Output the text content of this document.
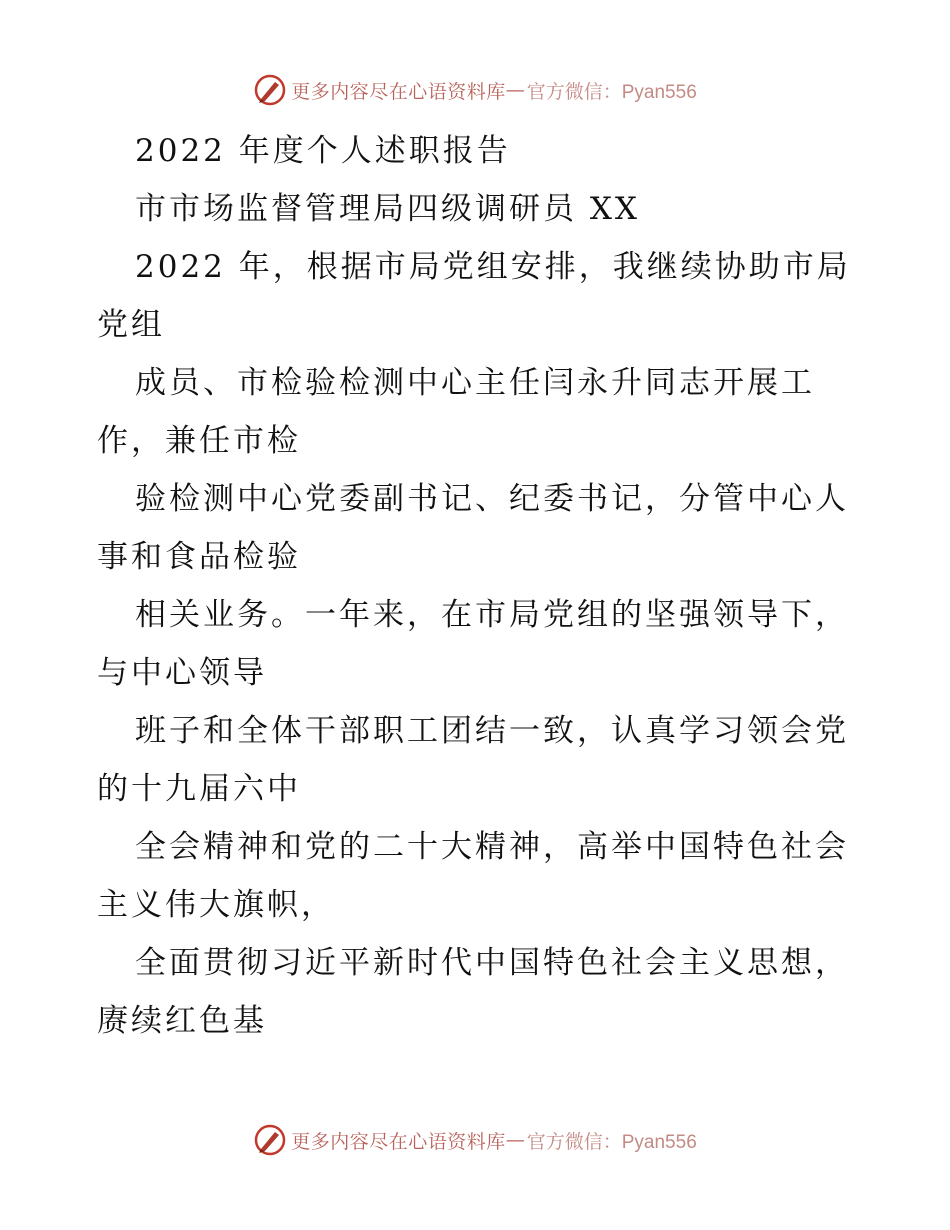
更多内容尽在心语资料库 — 官方微信：Pyan556
2022 年度个人述职报告
市市场监督管理局四级调研员 XX
2022 年，根据市局党组安排，我继续协助市局
党组
成员、市检验检测中心主任闫永升同志开展工
作，兼任市检
验检测中心党委副书记、纪委书记，分管中心人
事和食品检验
相关业务。一年来，在市局党组的坚强领导下，
与中心领导
班子和全体干部职工团结一致，认真学习领会党
的十九届六中
全会精神和党的二十大精神，高举中国特色社会
主义伟大旗帜，
全面贯彻习近平新时代中国特色社会主义思想，
赓续红色基
更多内容尽在心语资料库 — 官方微信：Pyan556
